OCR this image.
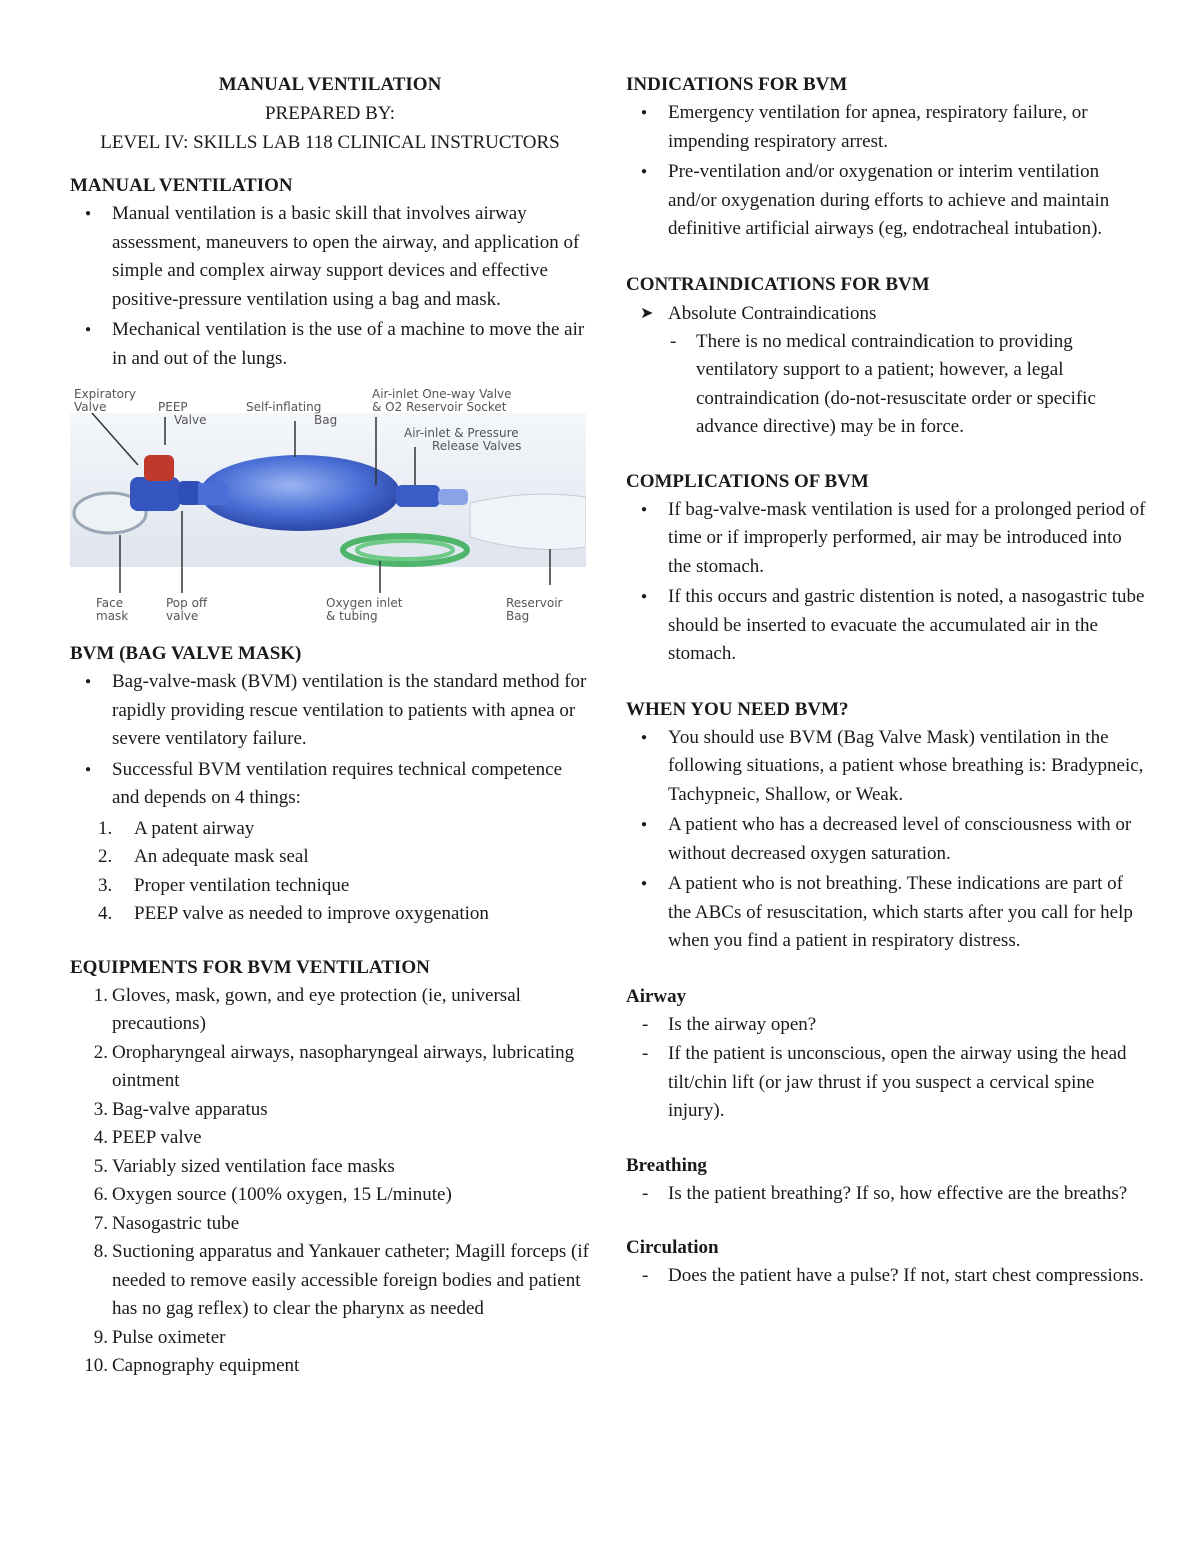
MANUAL VENTILATION
PREPARED BY:
LEVEL IV: SKILLS LAB 118 CLINICAL INSTRUCTORS
MANUAL VENTILATION
● Manual ventilation is a basic skill that involves airway assessment, maneuvers to open the airway, and application of simple and complex airway support devices and effective positive-pressure ventilation using a bag and mask.
● Mechanical ventilation is the use of a machine to move the air in and out of the lungs.
Expiratory
Valve	PEEP
Valve
Self-inflating
Bag
Air-inlet One-way Valve
& O2 Reservoir Socket
Air-inlet & Pressure
Release Valves
Face
mask
Pop off
valve
Oxygen inlet
& tubing
Reservoir
Bag
BVM (BAG VALVE MASK)
● Bag-valve-mask (BVM) ventilation is the standard method for rapidly providing rescue ventilation to patients with apnea or severe ventilatory failure.
● Successful BVM ventilation requires technical competence and depends on 4 things:
1. A patent airway
2. An adequate mask seal
3. Proper ventilation technique
4. PEEP valve as needed to improve oxygenation
EQUIPMENTS FOR BVM VENTILATION
1. Gloves, mask, gown, and eye protection (ie, universal precautions)
2. Oropharyngeal airways, nasopharyngeal airways, lubricating ointment
3. Bag-valve apparatus
4. PEEP valve
5. Variably sized ventilation face masks
6. Oxygen source (100% oxygen, 15 L/minute)
7. Nasogastric tube
8. Suctioning apparatus and Yankauer catheter; Magill forceps (if needed to remove easily accessible foreign bodies and patient has no gag reflex) to clear the pharynx as needed
9. Pulse oximeter
10. Capnography equipment
INDICATIONS FOR BVM
● Emergency ventilation for apnea, respiratory failure, or impending respiratory arrest.
● Pre-ventilation and/or oxygenation or interim ventilation and/or oxygenation during efforts to achieve and maintain definitive artificial airways (eg, endotracheal intubation).
CONTRAINDICATIONS FOR BVM
➤ Absolute Contraindications
- There is no medical contraindication to providing ventilatory support to a patient; however, a legal contraindication (do-not-resuscitate order or specific advance directive) may be in force.
COMPLICATIONS OF BVM
● If bag-valve-mask ventilation is used for a prolonged period of time or if improperly performed, air may be introduced into the stomach.
● If this occurs and gastric distention is noted, a nasogastric tube should be inserted to evacuate the accumulated air in the stomach.
WHEN YOU NEED BVM?
● You should use BVM (Bag Valve Mask) ventilation in the following situations, a patient whose breathing is: Bradypneic, Tachypneic, Shallow, or Weak.
● A patient who has a decreased level of consciousness with or without decreased oxygen saturation.
● A patient who is not breathing. These indications are part of the ABCs of resuscitation, which starts after you call for help when you find a patient in respiratory distress.
Airway
- Is the airway open?
- If the patient is unconscious, open the airway using the head tilt/chin lift (or jaw thrust if you suspect a cervical spine injury).
Breathing
- Is the patient breathing? If so, how effective are the breaths?
Circulation
- Does the patient have a pulse? If not, start chest compressions.
